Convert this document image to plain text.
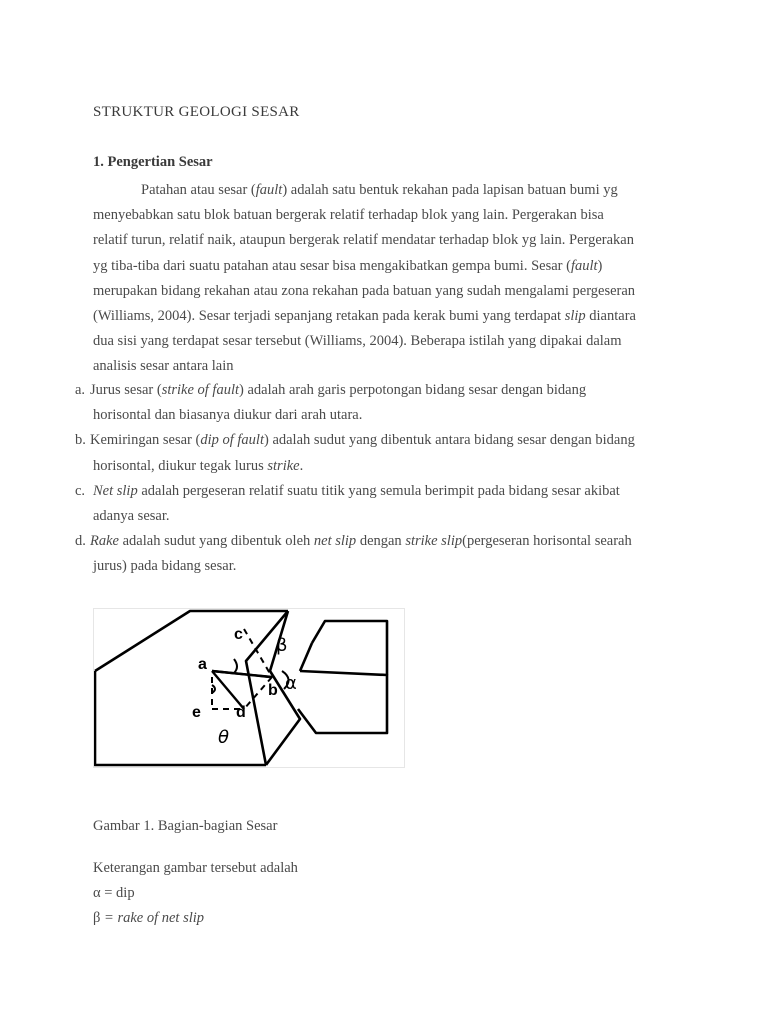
STRUKTUR GEOLOGI SESAR
1. Pengertian Sesar
Patahan atau sesar (fault) adalah satu bentuk rekahan pada lapisan batuan bumi yg
menyebabkan satu blok batuan bergerak relatif terhadap blok yang lain. Pergerakan bisa
relatif turun, relatif naik, ataupun bergerak relatif mendatar terhadap blok yg lain. Pergerakan
yg tiba-tiba dari suatu patahan atau sesar bisa mengakibatkan gempa bumi. Sesar (fault)
merupakan bidang rekahan atau zona rekahan pada batuan yang sudah mengalami pergeseran
(Williams, 2004). Sesar terjadi sepanjang retakan pada kerak bumi yang terdapat slip diantara
dua sisi yang terdapat sesar tersebut (Williams, 2004). Beberapa istilah yang dipakai dalam
analisis sesar antara lain
a. Jurus sesar (strike of fault) adalah arah garis perpotongan bidang sesar dengan bidang
horisontal dan biasanya diukur dari arah utara.
b. Kemiringan sesar (dip of fault) adalah sudut yang dibentuk antara bidang sesar dengan bidang
horisontal, diukur tegak lurus strike.
c. Net slip adalah pergeseran relatif suatu titik yang semula berimpit pada bidang sesar akibat
adanya sesar.
d. Rake adalah sudut yang dibentuk oleh net slip dengan strike slip(pergeseran horisontal searah
jurus) pada bidang sesar.
a
c
b
d
e
β
α
θ
Gambar 1. Bagian-bagian Sesar
Keterangan gambar tersebut adalah
α = dip
β = rake of net slip
